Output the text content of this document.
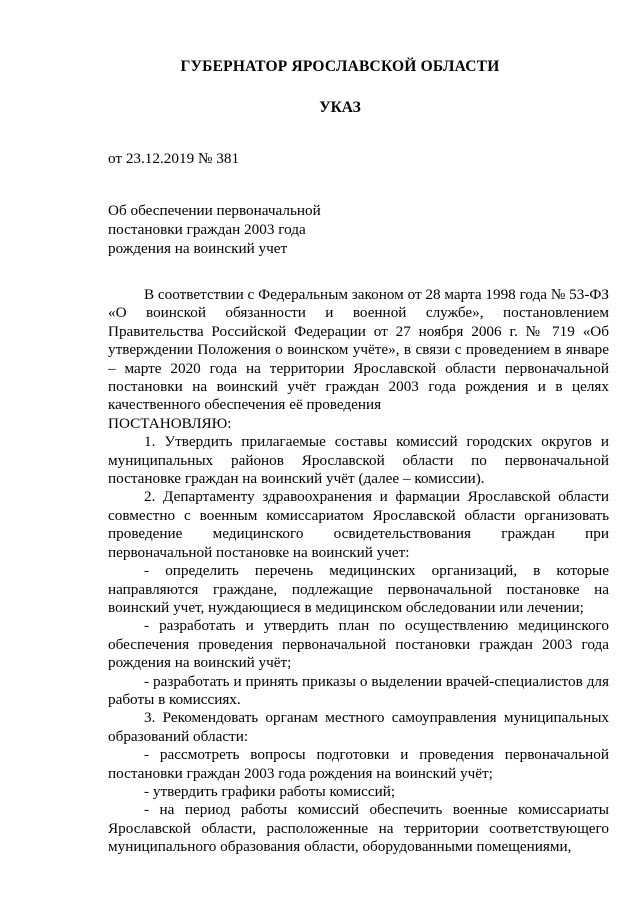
ГУБЕРНАТОР ЯРОСЛАВСКОЙ ОБЛАСТИ
УКАЗ
от 23.12.2019 № 381
Об обеспечении первоначальной
постановки граждан 2003 года
рождения на воинский учет

В соответствии с Федеральным законом от 28 марта 1998 года № 53-ФЗ «О воинской обязанности и военной службе», постановлением Правительства Российской Федерации от 27 ноября 2006 г. № 719 «Об утверждении Положения о воинском учёте», в связи с проведением в январе – марте 2020 года на территории Ярославской области первоначальной постановки на воинский учёт граждан 2003 года рождения и в целях качественного обеспечения её проведения

ПОСТАНОВЛЯЮ:

1. Утвердить прилагаемые составы комиссий городских округов и муниципальных районов Ярославской области по первоначальной постановке граждан на воинский учёт (далее – комиссии).

2. Департаменту здравоохранения и фармации Ярославской области совместно с военным комиссариатом Ярославской области организовать проведение медицинского освидетельствования граждан при первоначальной постановке на воинский учет:

- определить перечень медицинских организаций, в которые направляются граждане, подлежащие первоначальной постановке на воинский учет, нуждающиеся в медицинском обследовании или лечении;

- разработать и утвердить план по осуществлению медицинского обеспечения проведения первоначальной постановки граждан 2003 года рождения на воинский учёт;

- разработать и принять приказы о выделении врачей-специалистов для работы в комиссиях.

3. Рекомендовать органам местного самоуправления муниципальных образований области:

- рассмотреть вопросы подготовки и проведения первоначальной постановки граждан 2003 года рождения на воинский учёт;

- утвердить графики работы комиссий;

- на период работы комиссий обеспечить военные комиссариаты Ярославской области, расположенные на территории соответствующего муниципального образования области, оборудованными помещениями,
